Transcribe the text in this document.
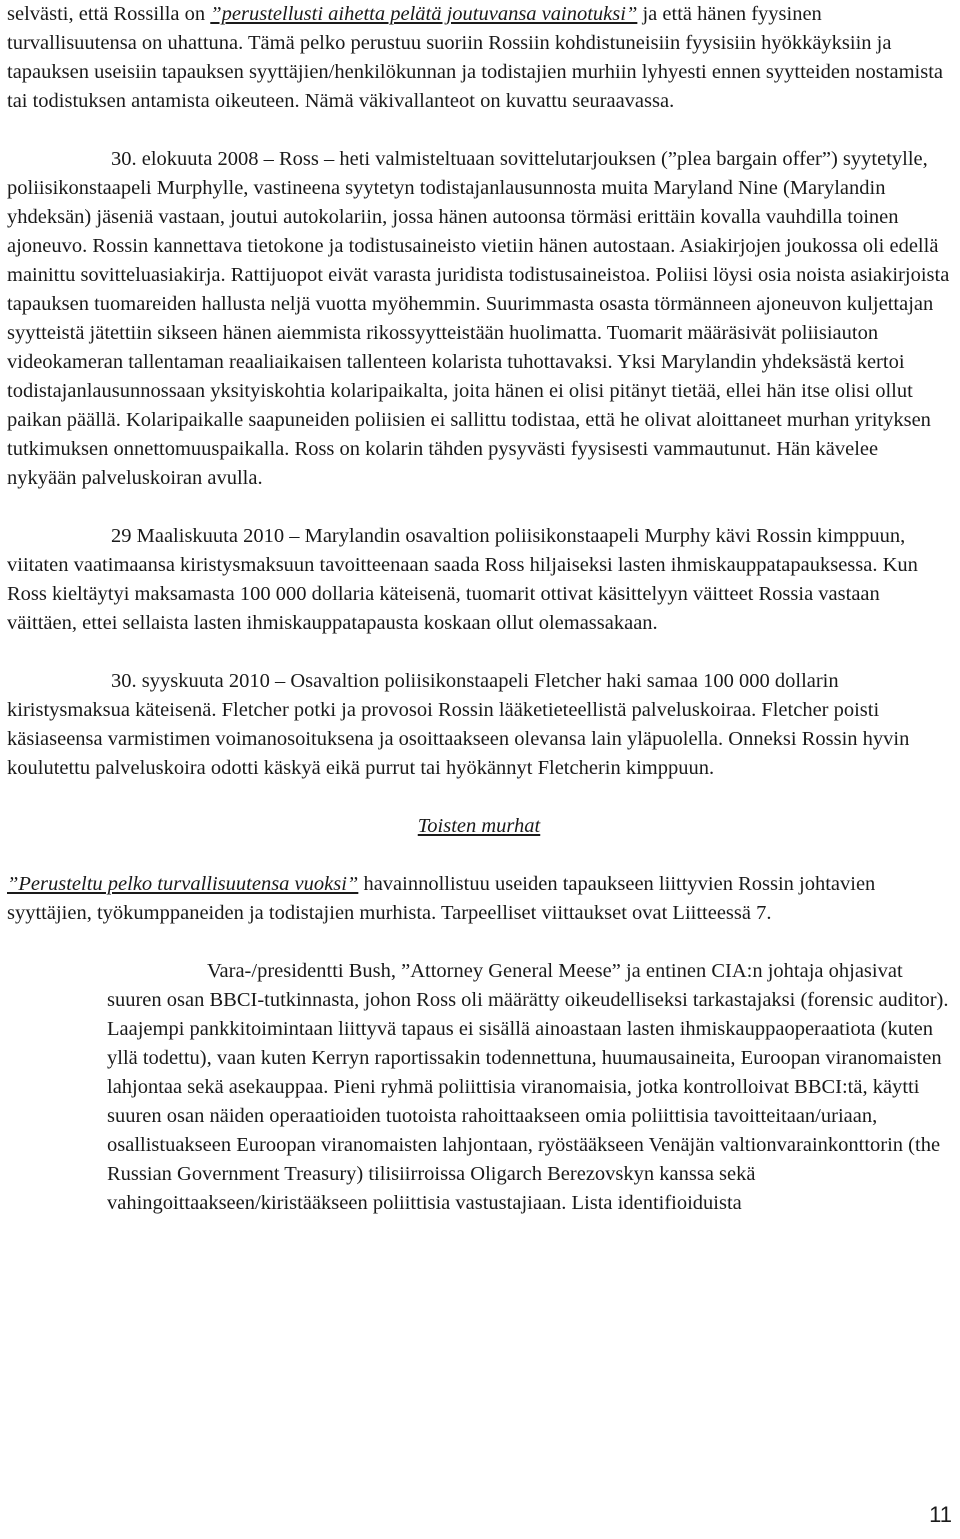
selvästi, että Rossilla on ”perustellusti aihetta pelätä joutuvansa vainotuksi” ja että hänen fyysinen turvallisuutensa on uhattuna. Tämä pelko perustuu suoriin Rossiin kohdistuneisiin fyysisiin hyökkäyksiin ja tapauksen useisiin tapauksen syyttäjien/henkilökunnan ja todistajien murhiin lyhyesti ennen syytteiden nostamista tai todistuksen antamista oikeuteen. Nämä väkivallanteot on kuvattu seuraavassa.

30. elokuuta 2008 – Ross – heti valmisteltuaan sovittelutarjouksen (”plea bargain offer”) syytetylle, poliisikonstaapeli Murphylle, vastineena syytetyn todistajanlausunnosta muita Maryland Nine (Marylandin yhdeksän) jäseniä vastaan, joutui autokolariin, jossa hänen autoonsa törmäsi erittäin kovalla vauhdilla toinen ajoneuvo. Rossin kannettava tietokone ja todistusaineisto vietiin hänen autostaan. Asiakirjojen joukossa oli edellä mainittu sovitteluasiakirja. Rattijuopot eivät varasta juridista todistusaineistoa. Poliisi löysi osia noista asiakirjoista tapauksen tuomareiden hallusta neljä vuotta myöhemmin. Suurimmasta osasta törmänneen ajoneuvon kuljettajan syytteistä jätettiin sikseen hänen aiemmista rikossyytteistään huolimatta. Tuomarit määräsivät poliisiauton videokameran tallentaman reaaliaikaisen tallenteen kolarista tuhottavaksi. Yksi Marylandin yhdeksästä kertoi todistajanlausunnossaan yksityiskohtia kolaripaikalta, joita hänen ei olisi pitänyt tietää, ellei hän itse olisi ollut paikan päällä. Kolaripaikalle saapuneiden poliisien ei sallittu todistaa, että he olivat aloittaneet murhan yrityksen tutkimuksen onnettomuuspaikalla. Ross on kolarin tähden pysyvästi fyysisesti vammautunut. Hän kävelee nykyään palveluskoiran avulla.

29 Maaliskuuta 2010 – Marylandin osavaltion poliisikonstaapeli Murphy kävi Rossin kimppuun, viitaten vaatimaansa kiristysmaksuun tavoitteenaan saada Ross hiljaiseksi lasten ihmiskauppatapauksessa. Kun Ross kieltäytyi maksamasta 100 000 dollaria käteisenä, tuomarit ottivat käsittelyyn väitteet Rossia vastaan väittäen, ettei sellaista lasten ihmiskauppatapausta koskaan ollut olemassakaan.

30. syyskuuta 2010 – Osavaltion poliisikonstaapeli Fletcher haki samaa 100 000 dollarin kiristysmaksua käteisenä. Fletcher potki ja provosoi Rossin lääketieteellistä palveluskoiraa. Fletcher poisti käsiaseensa varmistimen voimanosoituksena ja osoittaakseen olevansa lain yläpuolella. Onneksi Rossin hyvin koulutettu palveluskoira odotti käskyä eikä purrut tai hyökännyt Fletcherin kimppuun.

Toisten murhat

”Perusteltu pelko turvallisuutensa vuoksi” havainnollistuu useiden tapaukseen liittyvien Rossin johtavien syyttäjien, työkumppaneiden ja todistajien murhista. Tarpeelliset viittaukset ovat Liitteessä 7.

Vara-/presidentti Bush, ”Attorney General Meese” ja entinen CIA:n johtaja ohjasivat suuren osan BBCI-tutkinnasta, johon Ross oli määrätty oikeudelliseksi tarkastajaksi (forensic auditor). Laajempi pankkitoimintaan liittyvä tapaus ei sisällä ainoastaan lasten ihmiskauppaoperaatiota (kuten yllä todettu), vaan kuten Kerryn raportissakin todennettuna, huumausaineita, Euroopan viranomaisten lahjontaa sekä asekauppaa. Pieni ryhmä poliittisia viranomaisia, jotka kontrolloivat BBCI:tä, käytti suuren osan näiden operaatioiden tuotoista rahoittaakseen omia poliittisia tavoitteitaan/uriaan, osallistuakseen Euroopan viranomaisten lahjontaan, ryöstääkseen Venäjän valtionvarainkonttorin (the Russian Government Treasury) tilisiirroissa Oligarch Berezovskyn kanssa sekä vahingoittaakseen/kiristääkseen poliittisia vastustajiaan. Lista identifioiduista

11
